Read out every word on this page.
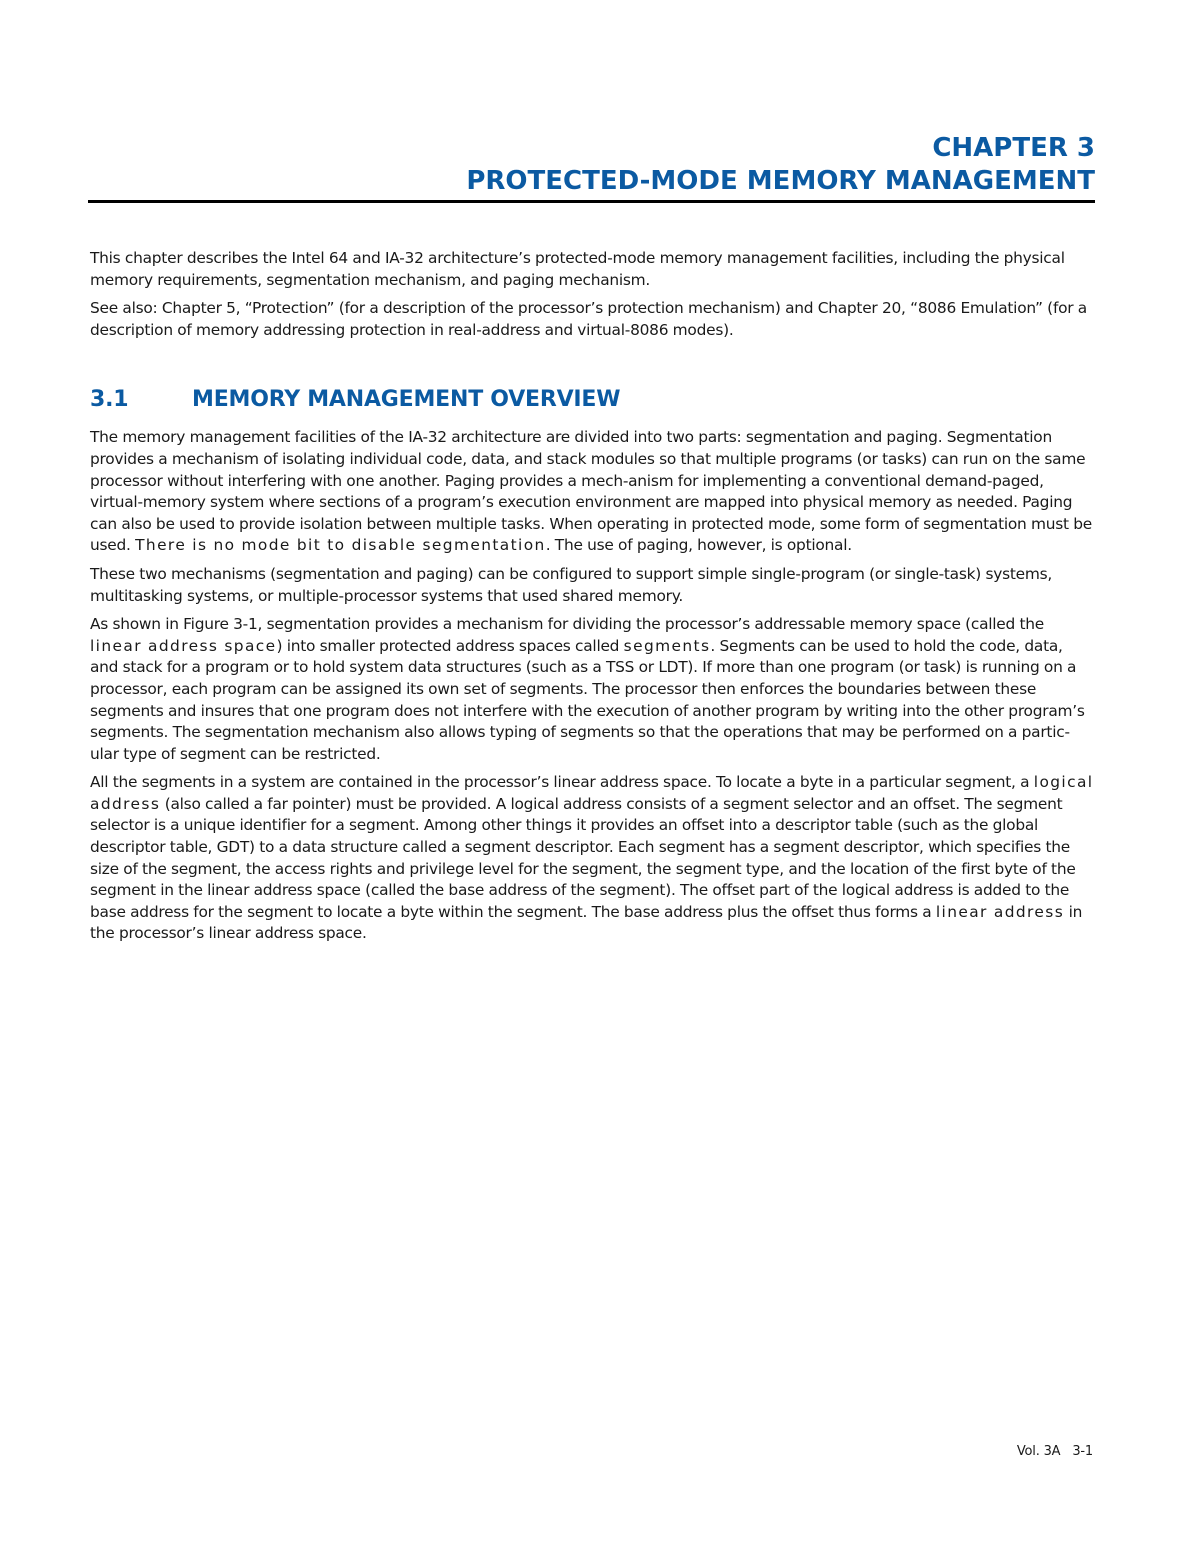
CHAPTER 3
PROTECTED-MODE MEMORY MANAGEMENT

This chapter describes the Intel 64 and IA-32 architecture’s protected-mode memory management facilities, including the physical memory requirements, segmentation mechanism, and paging mechanism.

See also: Chapter 5, “Protection” (for a description of the processor’s protection mechanism) and Chapter 20, “8086 Emulation” (for a description of memory addressing protection in real-address and virtual-8086 modes).

3.1	MEMORY MANAGEMENT OVERVIEW

The memory management facilities of the IA-32 architecture are divided into two parts: segmentation and paging. Segmentation provides a mechanism of isolating individual code, data, and stack modules so that multiple programs (or tasks) can run on the same processor without interfering with one another. Paging provides a mech-anism for implementing a conventional demand-paged, virtual-memory system where sections of a program’s execution environment are mapped into physical memory as needed. Paging can also be used to provide isolation between multiple tasks. When operating in protected mode, some form of segmentation must be used. There is no mode bit to disable segmentation. The use of paging, however, is optional.

These two mechanisms (segmentation and paging) can be configured to support simple single-program (or single-task) systems, multitasking systems, or multiple-processor systems that used shared memory.

As shown in Figure 3-1, segmentation provides a mechanism for dividing the processor’s addressable memory space (called the linear address space) into smaller protected address spaces called segments. Segments can be used to hold the code, data, and stack for a program or to hold system data structures (such as a TSS or LDT). If more than one program (or task) is running on a processor, each program can be assigned its own set of segments. The processor then enforces the boundaries between these segments and insures that one program does not interfere with the execution of another program by writing into the other program’s segments. The segmentation mechanism also allows typing of segments so that the operations that may be performed on a partic-ular type of segment can be restricted.

All the segments in a system are contained in the processor’s linear address space. To locate a byte in a particular segment, a logical address (also called a far pointer) must be provided. A logical address consists of a segment selector and an offset. The segment selector is a unique identifier for a segment. Among other things it provides an offset into a descriptor table (such as the global descriptor table, GDT) to a data structure called a segment descriptor. Each segment has a segment descriptor, which specifies the size of the segment, the access rights and privilege level for the segment, the segment type, and the location of the first byte of the segment in the linear address space (called the base address of the segment). The offset part of the logical address is added to the base address for the segment to locate a byte within the segment. The base address plus the offset thus forms a linear address in the processor’s linear address space.

Vol. 3A 3-1
